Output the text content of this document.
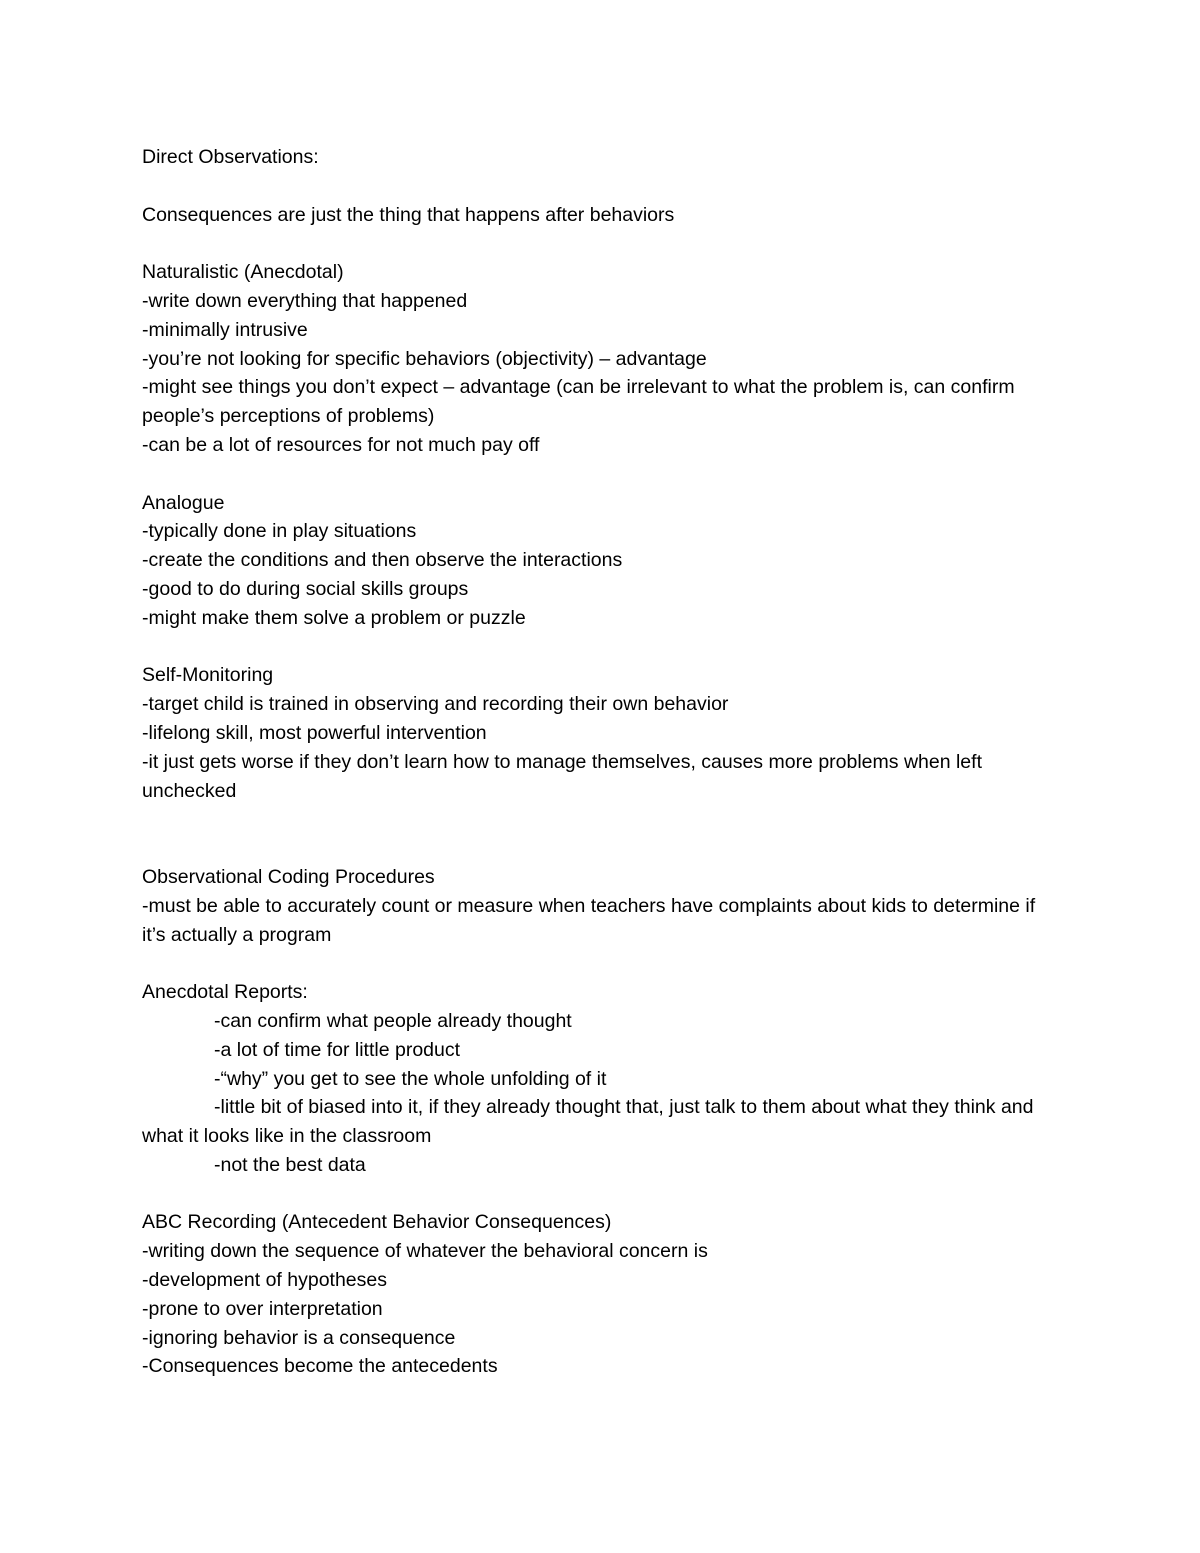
Direct Observations:

Consequences are just the thing that happens after behaviors

Naturalistic (Anecdotal)

-write down everything that happened

-minimally intrusive

-you’re not looking for specific behaviors (objectivity) – advantage

-might see things you don’t expect – advantage (can be irrelevant to what the problem is, can confirm people’s perceptions of problems)

-can be a lot of resources for not much pay off

Analogue

-typically done in play situations

-create the conditions and then observe the interactions

-good to do during social skills groups

-might make them solve a problem or puzzle

Self-Monitoring

-target child is trained in observing and recording their own behavior

-lifelong skill, most powerful intervention

-it just gets worse if they don’t learn how to manage themselves, causes more problems when left unchecked

Observational Coding Procedures

-must be able to accurately count or measure when teachers have complaints about kids to determine if it’s actually a program

Anecdotal Reports:

-can confirm what people already thought

-a lot of time for little product

-“why” you get to see the whole unfolding of it

-little bit of biased into it, if they already thought that, just talk to them about what they think and what it looks like in the classroom

-not the best data

ABC Recording (Antecedent Behavior Consequences)

-writing down the sequence of whatever the behavioral concern is

-development of hypotheses

-prone to over interpretation

-ignoring behavior is a consequence

-Consequences become the antecedents
